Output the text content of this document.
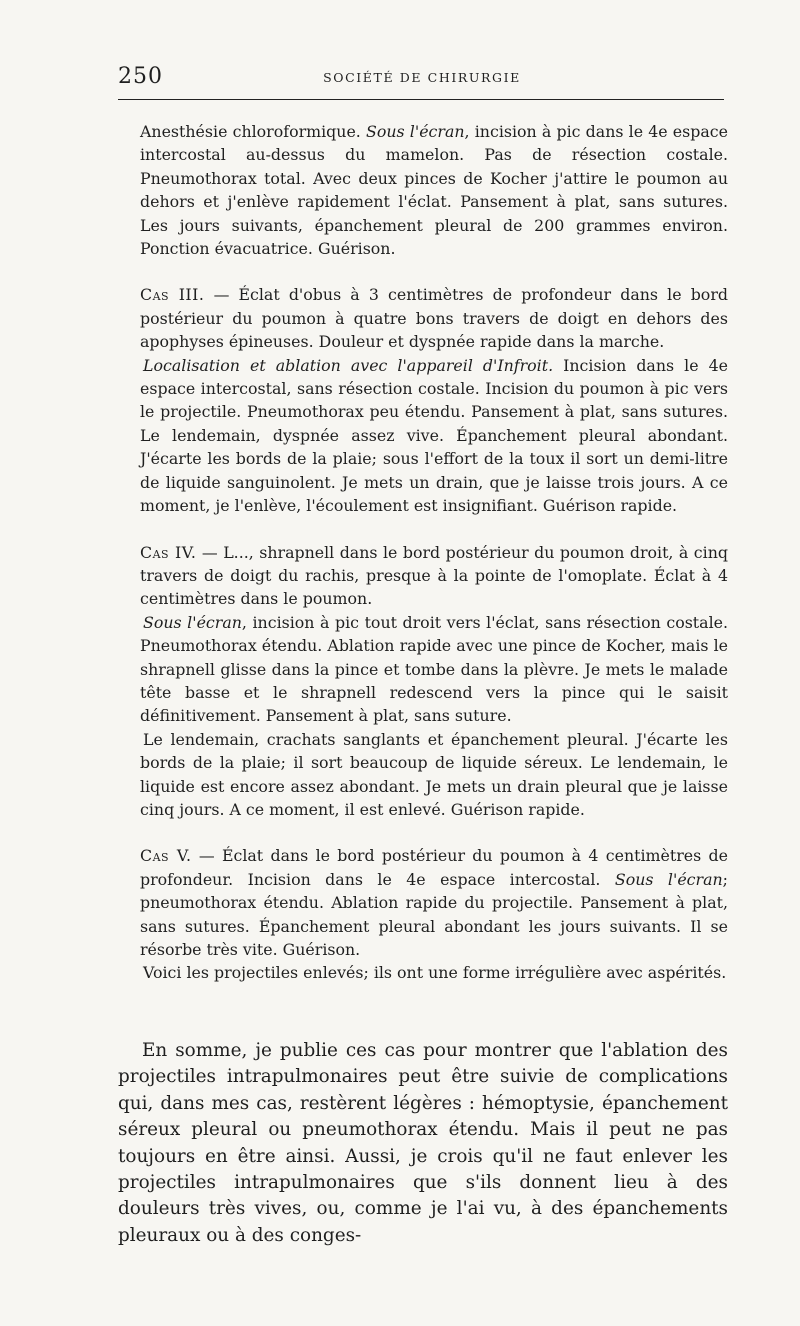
250	SOCIÉTÉ DE CHIRURGIE

Anesthésie chloroformique. Sous l'écran, incision à pic dans le 4e espace intercostal au-dessus du mamelon. Pas de résection costale. Pneumothorax total. Avec deux pinces de Kocher j'attire le poumon au dehors et j'enlève rapidement l'éclat. Pansement à plat, sans sutures. Les jours suivants, épanchement pleural de 200 grammes environ. Ponction évacuatrice. Guérison.

Cas III. — Éclat d'obus à 3 centimètres de profondeur dans le bord postérieur du poumon à quatre bons travers de doigt en dehors des apophyses épineuses. Douleur et dyspnée rapide dans la marche.

Localisation et ablation avec l'appareil d'Infroit. Incision dans le 4e espace intercostal, sans résection costale. Incision du poumon à pic vers le projectile. Pneumothorax peu étendu. Pansement à plat, sans sutures. Le lendemain, dyspnée assez vive. Épanchement pleural abondant. J'écarte les bords de la plaie; sous l'effort de la toux il sort un demi-litre de liquide sanguinolent. Je mets un drain, que je laisse trois jours. A ce moment, je l'enlève, l'écoulement est insignifiant. Guérison rapide.

Cas IV. — L..., shrapnell dans le bord postérieur du poumon droit, à cinq travers de doigt du rachis, presque à la pointe de l'omoplate. Éclat à 4 centimètres dans le poumon.

Sous l'écran, incision à pic tout droit vers l'éclat, sans résection costale. Pneumothorax étendu. Ablation rapide avec une pince de Kocher, mais le shrapnell glisse dans la pince et tombe dans la plèvre. Je mets le malade tête basse et le shrapnell redescend vers la pince qui le saisit définitivement. Pansement à plat, sans suture.

Le lendemain, crachats sanglants et épanchement pleural. J'écarte les bords de la plaie; il sort beaucoup de liquide séreux. Le lendemain, le liquide est encore assez abondant. Je mets un drain pleural que je laisse cinq jours. A ce moment, il est enlevé. Guérison rapide.

Cas V. — Éclat dans le bord postérieur du poumon à 4 centimètres de profondeur. Incision dans le 4e espace intercostal. Sous l'écran; pneumothorax étendu. Ablation rapide du projectile. Pansement à plat, sans sutures. Épanchement pleural abondant les jours suivants. Il se résorbe très vite. Guérison.

Voici les projectiles enlevés; ils ont une forme irrégulière avec aspérités.

En somme, je publie ces cas pour montrer que l'ablation des projectiles intrapulmonaires peut être suivie de complications qui, dans mes cas, restèrent légères : hémoptysie, épanchement séreux pleural ou pneumothorax étendu. Mais il peut ne pas toujours en être ainsi. Aussi, je crois qu'il ne faut enlever les projectiles intrapulmonaires que s'ils donnent lieu à des douleurs très vives, ou, comme je l'ai vu, à des épanchements pleuraux ou à des conges-
